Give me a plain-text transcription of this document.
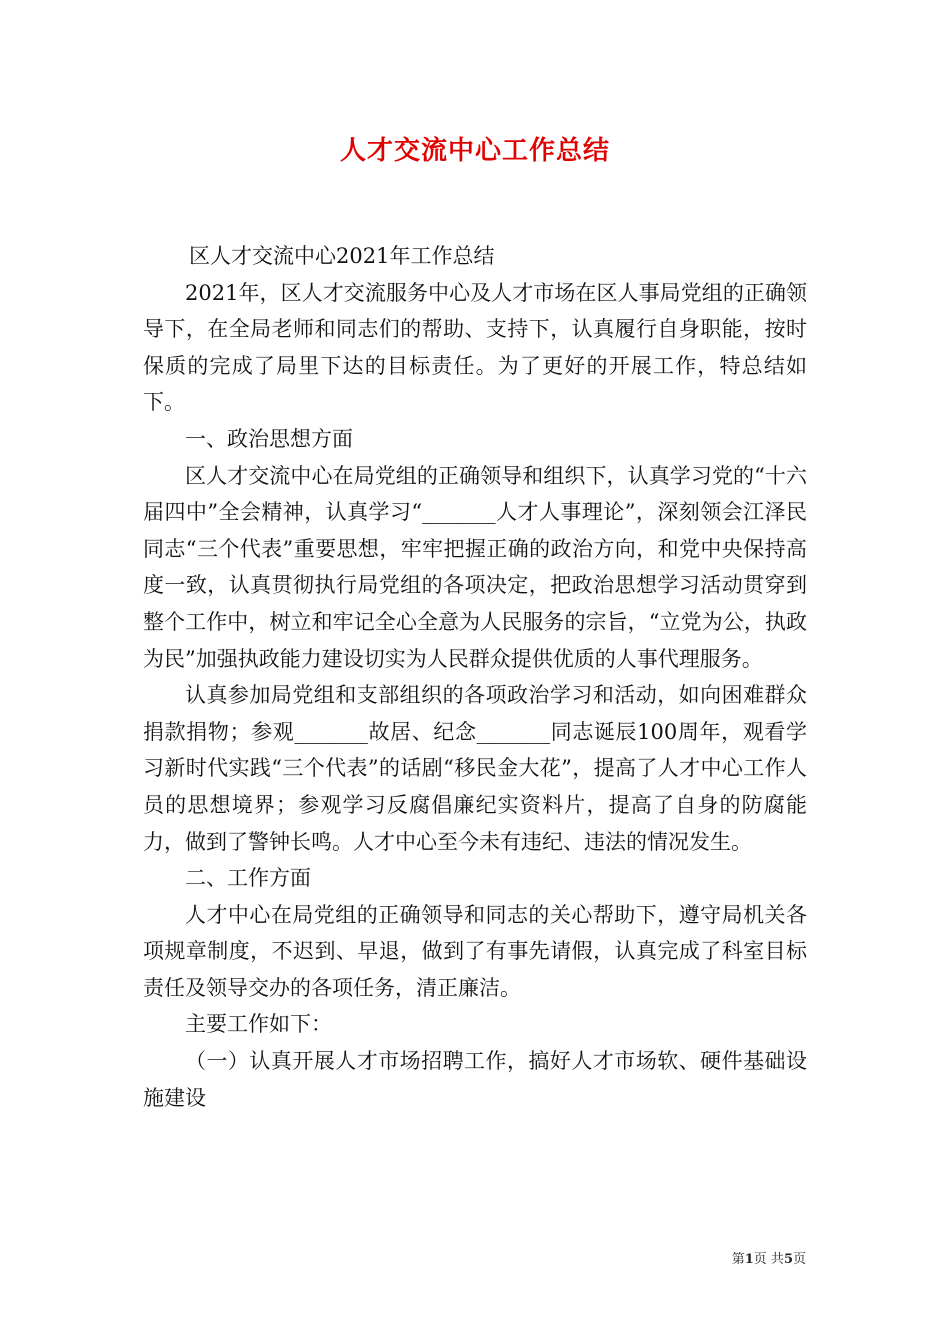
人才交流中心工作总结

区人才交流中心2021年工作总结

2021年，区人才交流服务中心及人才市场在区人事局党组的正确领导下，在全局老师和同志们的帮助、支持下，认真履行自身职能，按时保质的完成了局里下达的目标责任。为了更好的开展工作，特总结如下。

一、政治思想方面

区人才交流中心在局党组的正确领导和组织下，认真学习党的“十六届四中”全会精神，认真学习“_______人才人事理论”，深刻领会江泽民同志“三个代表”重要思想，牢牢把握正确的政治方向，和党中央保持高度一致，认真贯彻执行局党组的各项决定，把政治思想学习活动贯穿到整个工作中，树立和牢记全心全意为人民服务的宗旨，“立党为公，执政为民”加强执政能力建设切实为人民群众提供优质的人事代理服务。

认真参加局党组和支部组织的各项政治学习和活动，如向困难群众捐款捐物；参观_______故居、纪念_______同志诞辰100周年，观看学习新时代实践“三个代表”的话剧“移民金大花”，提高了人才中心工作人员的思想境界；参观学习反腐倡廉纪实资料片，提高了自身的防腐能力，做到了警钟长鸣。人才中心至今未有违纪、违法的情况发生。

二、工作方面

人才中心在局党组的正确领导和同志的关心帮助下，遵守局机关各项规章制度，不迟到、早退，做到了有事先请假，认真完成了科室目标责任及领导交办的各项任务，清正廉洁。

主要工作如下：

（一）认真开展人才市场招聘工作，搞好人才市场软、硬件基础设施建设

第1页 共5页
